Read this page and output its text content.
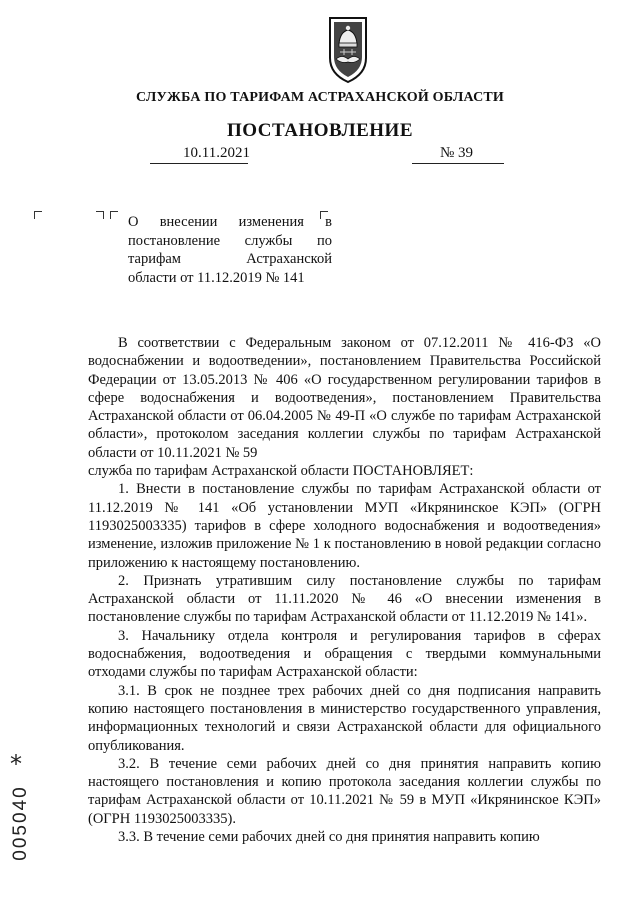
СЛУЖБА ПО ТАРИФАМ АСТРАХАНСКОЙ ОБЛАСТИ
ПОСТАНОВЛЕНИЕ
10.11.2021	№ 39
О внесении изменения в
постановление службы по
тарифам Астраханской
области от 11.12.2019 № 141

В соответствии с Федеральным законом от 07.12.2011 № 416-ФЗ «О водоснабжении и водоотведении», постановлением Правительства Российской Федерации от 13.05.2013 № 406 «О государственном регулировании тарифов в сфере водоснабжения и водоотведения», постановлением Правительства Астраханской области от 06.04.2005 № 49-П «О службе по тарифам Астраханской области», протоколом заседания коллегии службы по тарифам Астраханской области от 10.11.2021 № 59

служба по тарифам Астраханской области ПОСТАНОВЛЯЕТ:

1. Внести в постановление службы по тарифам Астраханской области от 11.12.2019 № 141 «Об установлении МУП «Икрянинское КЭП» (ОГРН 1193025003335) тарифов в сфере холодного водоснабжения и водоотведения» изменение, изложив приложение № 1 к постановлению в новой редакции согласно приложению к настоящему постановлению.

2. Признать утратившим силу постановление службы по тарифам Астраханской области от 11.11.2020 № 46 «О внесении изменения в постановление службы по тарифам Астраханской области от 11.12.2019 № 141».

3. Начальнику отдела контроля и регулирования тарифов в сферах водоснабжения, водоотведения и обращения с твердыми коммунальными отходами службы по тарифам Астраханской области:

3.1. В срок не позднее трех рабочих дней со дня подписания направить копию настоящего постановления в министерство государственного управления, информационных технологий и связи Астраханской области для официального опубликования.

3.2. В течение семи рабочих дней со дня принятия направить копию настоящего постановления и копию протокола заседания коллегии службы по тарифам Астраханской области от 10.11.2021 № 59 в МУП «Икрянинское КЭП» (ОГРН 1193025003335).

3.3. В течение семи рабочих дней со дня принятия направить копию

*
005040
